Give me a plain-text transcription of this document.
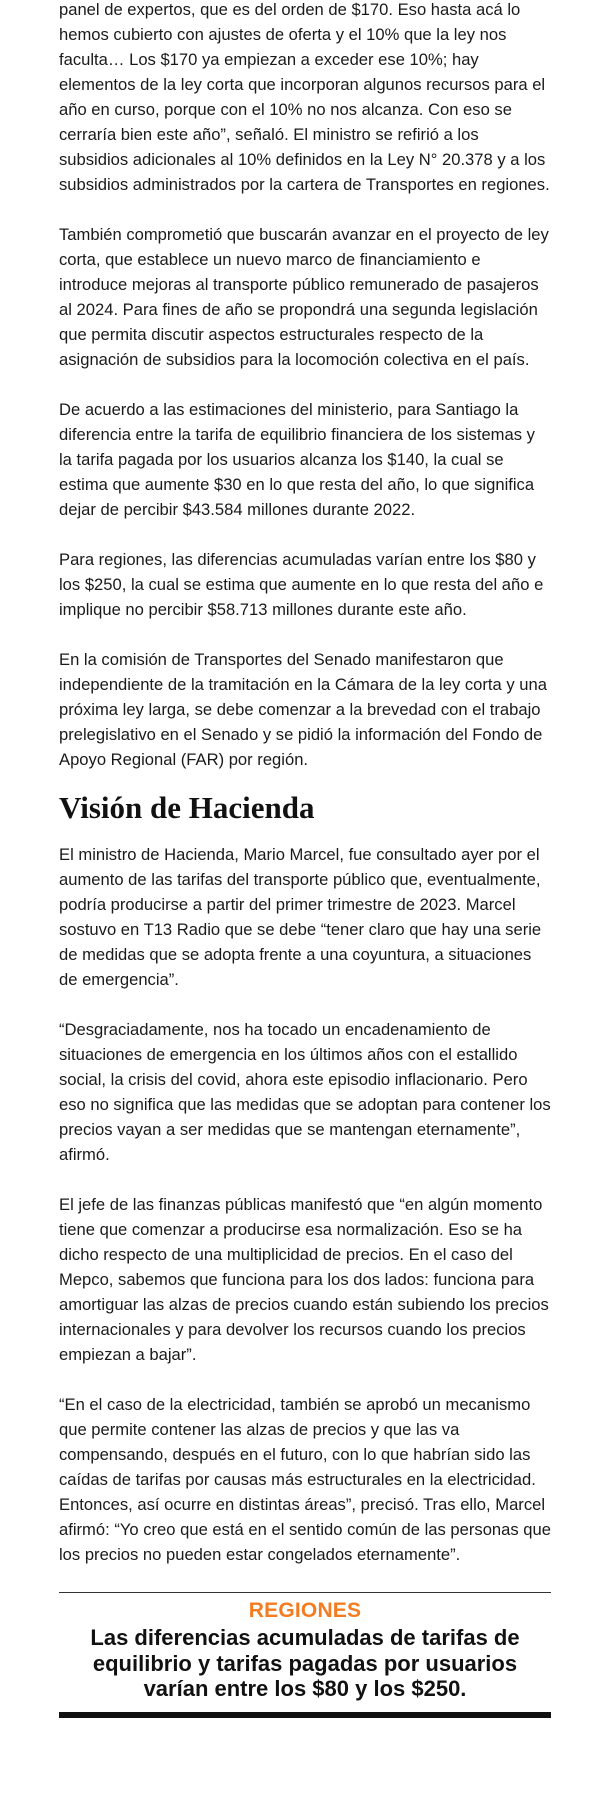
panel de expertos, que es del orden de $170. Eso hasta acá lo hemos cubierto con ajustes de oferta y el 10% que la ley nos faculta… Los $170 ya empiezan a exceder ese 10%; hay elementos de la ley corta que incorporan algunos recursos para el año en curso, porque con el 10% no nos alcanza. Con eso se cerraría bien este año”, señaló. El ministro se refirió a los subsidios adicionales al 10% definidos en la Ley N° 20.378 y a los subsidios administrados por la cartera de Transportes en regiones.

También comprometió que buscarán avanzar en el proyecto de ley corta, que establece un nuevo marco de financiamiento e introduce mejoras al transporte público remunerado de pasajeros al 2024. Para fines de año se propondrá una segunda legislación que permita discutir aspectos estructurales respecto de la asignación de subsidios para la locomoción colectiva en el país.

De acuerdo a las estimaciones del ministerio, para Santiago la diferencia entre la tarifa de equilibrio financiera de los sistemas y la tarifa pagada por los usuarios alcanza los $140, la cual se estima que aumente $30 en lo que resta del año, lo que significa dejar de percibir $43.584 millones durante 2022.

Para regiones, las diferencias acumuladas varían entre los $80 y los $250, la cual se estima que aumente en lo que resta del año e implique no percibir $58.713 millones durante este año.

En la comisión de Transportes del Senado manifestaron que independiente de la tramitación en la Cámara de la ley corta y una próxima ley larga, se debe comenzar a la brevedad con el trabajo prelegislativo en el Senado y se pidió la información del Fondo de Apoyo Regional (FAR) por región.

Visión de Hacienda

El ministro de Hacienda, Mario Marcel, fue consultado ayer por el aumento de las tarifas del transporte público que, eventualmente, podría producirse a partir del primer trimestre de 2023. Marcel sostuvo en T13 Radio que se debe “tener claro que hay una serie de medidas que se adopta frente a una coyuntura, a situaciones de emergencia”.

“Desgraciadamente, nos ha tocado un encadenamiento de situaciones de emergencia en los últimos años con el estallido social, la crisis del covid, ahora este episodio inflacionario. Pero eso no significa que las medidas que se adoptan para contener los precios vayan a ser medidas que se mantengan eternamente”, afirmó.

El jefe de las finanzas públicas manifestó que “en algún momento tiene que comenzar a producirse esa normalización. Eso se ha dicho respecto de una multiplicidad de precios. En el caso del Mepco, sabemos que funciona para los dos lados: funciona para amortiguar las alzas de precios cuando están subiendo los precios internacionales y para devolver los recursos cuando los precios empiezan a bajar”.

“En el caso de la electricidad, también se aprobó un mecanismo que permite contener las alzas de precios y que las va compensando, después en el futuro, con lo que habrían sido las caídas de tarifas por causas más estructurales en la electricidad. Entonces, así ocurre en distintas áreas”, precisó. Tras ello, Marcel afirmó: “Yo creo que está en el sentido común de las personas que los precios no pueden estar congelados eternamente”.

REGIONES
Las diferencias acumuladas de tarifas de equilibrio y tarifas pagadas por usuarios varían entre los $80 y los $250.
